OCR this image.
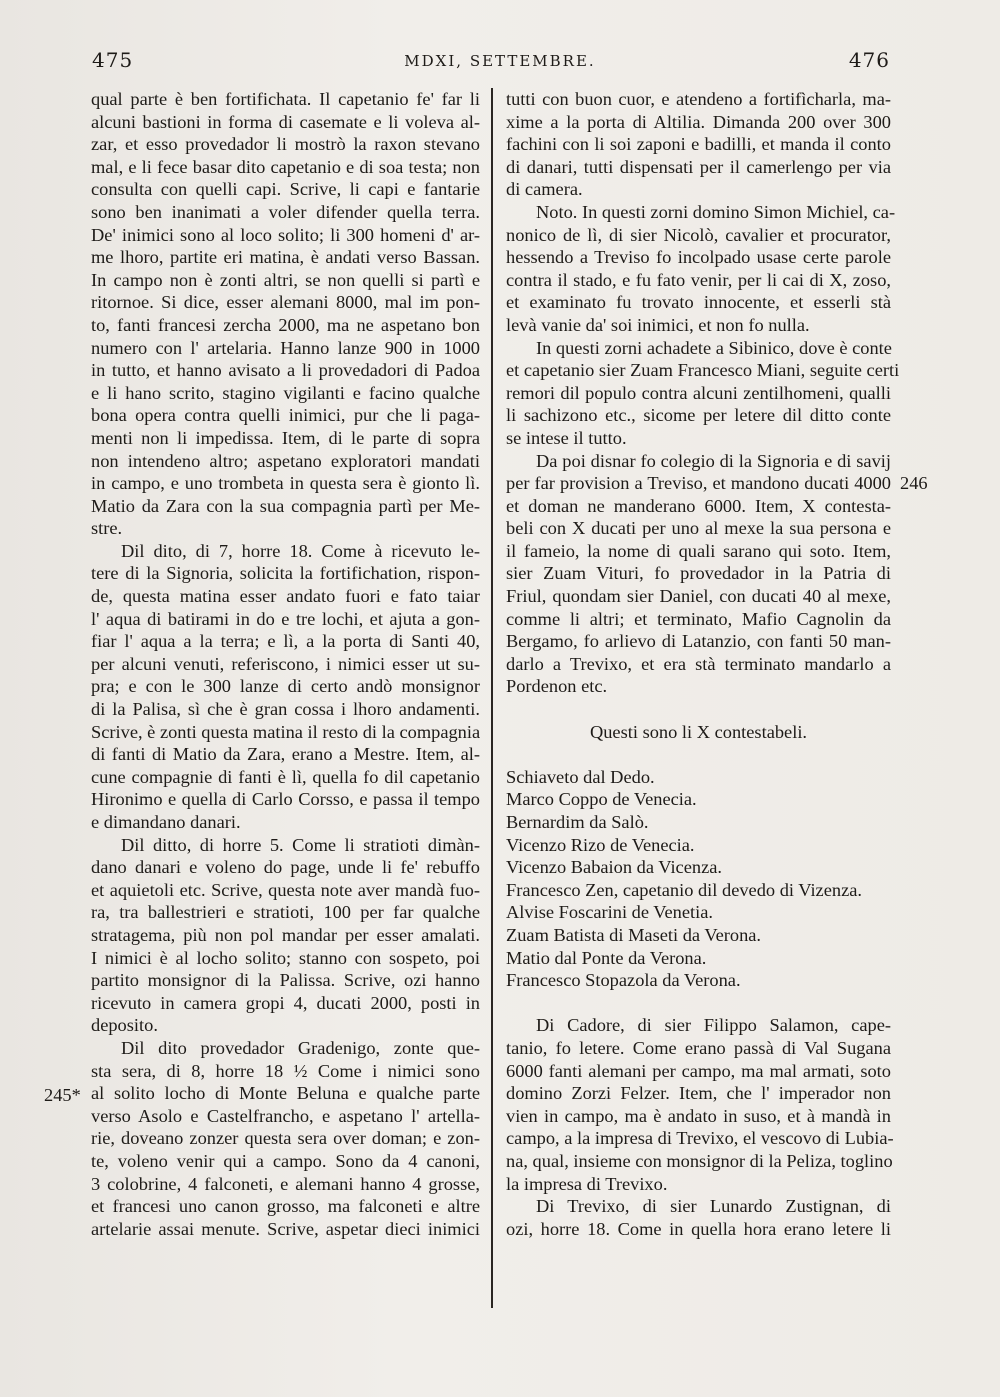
475	MDXI, SETTEMBRE.	476
245*
246
qual parte è ben fortifichata. Il capetanio fe' far li
alcuni bastioni in forma di casemate e li voleva al-
zar, et esso provedador li mostrò la raxon stevano
mal, e li fece basar dito capetanio e di soa testa; non
consulta con quelli capi. Scrive, li capi e fantarie
sono ben inanimati a voler difender quella terra.
De' inimici sono al loco solito; li 300 homeni d' ar-
me lhoro, partite eri matina, è andati verso Bassan.
In campo non è zonti altri, se non quelli si partì e
ritornoe. Si dice, esser alemani 8000, mal im pon-
to, fanti francesi zercha 2000, ma ne aspetano bon
numero con l' artelaria. Hanno lanze 900 in 1000
in tutto, et hanno avisato a li provedadori di Padoa
e li hano scrito, stagino vigilanti e facino qualche
bona opera contra quelli inimici, pur che li paga-
menti non li impedissa. Item, di le parte di sopra
non intendeno altro; aspetano exploratori mandati
in campo, e uno trombeta in questa sera è gionto lì.
Matio da Zara con la sua compagnia partì per Me-
stre.
Dil dito, di 7, horre 18. Come à ricevuto le-
tere di la Signoria, solicita la fortifichation, rispon-
de, questa matina esser andato fuori e fato taiar
l' aqua di batirami in do e tre lochi, et ajuta a gon-
fiar l' aqua a la terra; e lì, a la porta di Santi 40,
per alcuni venuti, referiscono, i nimici esser ut su-
pra; e con le 300 lanze di certo andò monsignor
di la Palisa, sì che è gran cossa i lhoro andamenti.
Scrive, è zonti questa matina il resto di la compagnia
di fanti di Matio da Zara, erano a Mestre. Item, al-
cune compagnie di fanti è lì, quella fo dil capetanio
Hironimo e quella di Carlo Corsso, e passa il tempo
e dimandano danari.
Dil ditto, di horre 5. Come li stratioti dimàn-
dano danari e voleno do page, unde li fe' rebuffo
et aquietoli etc. Scrive, questa note aver mandà fuo-
ra, tra ballestrieri e stratioti, 100 per far qualche
stratagema, più non pol mandar per esser amalati.
I nimici è al locho solito; stanno con sospeto, poi
partito monsignor di la Palissa. Scrive, ozi hanno
ricevuto in camera gropi 4, ducati 2000, posti in
deposito.
Dil dito provedador Gradenigo, zonte que-
sta sera, di 8, horre 18 ½ Come i nimici sono
al solito locho di Monte Beluna e qualche parte
verso Asolo e Castelfrancho, e aspetano l' artella-
rie, doveano zonzer questa sera over doman; e zon-
te, voleno venir qui a campo. Sono da 4 canoni,
3 colobrine, 4 falconeti, e alemani hanno 4 grosse,
et francesi uno canon grosso, ma falconeti e altre
artelarie assai menute. Scrive, aspetar dieci inimici
tutti con buon cuor, e atendeno a fortifìcharla, ma-
xime a la porta di Altilia. Dimanda 200 over 300
fachini con li soi zaponi e badilli, et manda il conto
di danari, tutti dispensati per il camerlengo per via
di camera.
Noto. In questi zorni domino Simon Michiel, ca-
nonico de lì, di sier Nicolò, cavalier et procurator,
hessendo a Treviso fo incolpado usase certe parole
contra il stado, e fu fato venir, per li cai di X, zoso,
et examinato fu trovato innocente, et esserli stà
levà vanie da' soi inimici, et non fo nulla.
In questi zorni achadete a Sibinico, dove è conte
et capetanio sier Zuam Francesco Miani, seguite certi
remori dil populo contra alcuni zentilhomeni, qualli
li sachizono etc., sicome per letere dil ditto conte
se intese il tutto.
Da poi disnar fo colegio di la Signoria e di savij
per far provision a Treviso, et mandono ducati 4000
et doman ne manderano 6000. Item, X contesta-
beli con X ducati per uno al mexe la sua persona e
il fameio, la nome di quali sarano qui soto. Item,
sier Zuam Vituri, fo provedador in la Patria di
Friul, quondam sier Daniel, con ducati 40 al mexe,
comme li altri; et terminato, Mafio Cagnolin da
Bergamo, fo arlievo di Latanzio, con fanti 50 man-
darlo a Trevixo, et era stà terminato mandarlo a
Pordenon etc.
Questi sono li X contestabeli.
Schiaveto dal Dedo.
Marco Coppo de Venecia.
Bernardim da Salò.
Vicenzo Rizo de Venecia.
Vicenzo Babaion da Vicenza.
Francesco Zen, capetanio dil devedo di Vizenza.
Alvise Foscarini de Venetia.
Zuam Batista di Maseti da Verona.
Matio dal Ponte da Verona.
Francesco Stopazola da Verona.
Di Cadore, di sier Filippo Salamon, cape-
tanio, fo letere. Come erano passà di Val Sugana
6000 fanti alemani per campo, ma mal armati, soto
domino Zorzi Felzer. Item, che l' imperador non
vien in campo, ma è andato in suso, et à mandà in
campo, a la impresa di Trevixo, el vescovo di Lubia-
na, qual, insieme con monsignor di la Peliza, toglino
la impresa di Trevixo.
Di Trevixo, di sier Lunardo Zustignan, di
ozi, horre 18. Come in quella hora erano letere li
